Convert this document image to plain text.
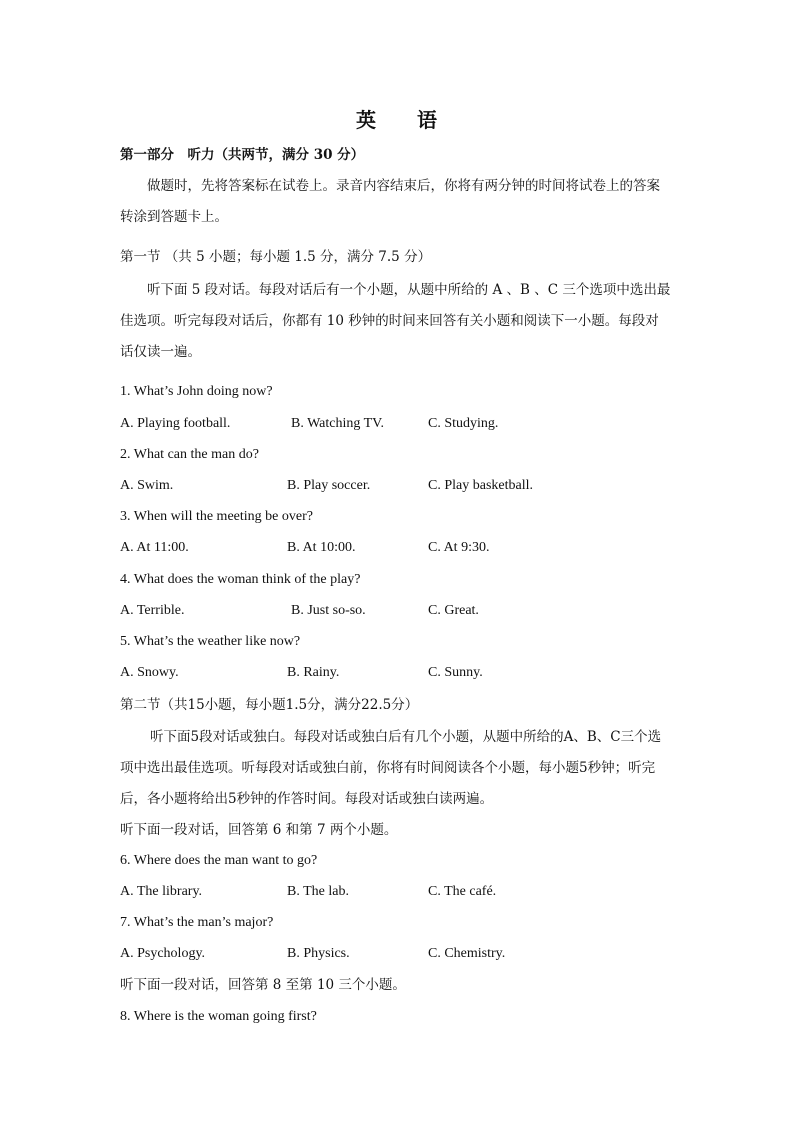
英 语
第一部分　听力（共两节，满分 30 分）
做题时，先将答案标在试卷上。录音内容结束后，你将有两分钟的时间将试卷上的答案
转涂到答题卡上。
第一节 （共 5 小题；每小题 1.5 分，满分 7.5 分）
听下面 5 段对话。每段对话后有一个小题，从题中所给的 A 、B 、C 三个选项中选出最
佳选项。听完每段对话后，你都有 10 秒钟的时间来回答有关小题和阅读下一小题。每段对
话仅读一遍。
1. What’s John doing now?
A. Playing football.	B. Watching TV.	C. Studying.
2. What can the man do?
A. Swim.	B. Play soccer.	C. Play basketball.
3. When will the meeting be over?
A. At 11:00.	B. At 10:00.	C. At 9:30.
4. What does the woman think of the play?
A. Terrible.	B. Just so-so.	C. Great.
5. What’s the weather like now?
A. Snowy.	B. Rainy.	C. Sunny.
第二节（共15小题，每小题1.5分，满分22.5分）
听下面5段对话或独白。每段对话或独白后有几个小题，从题中所给的A、B、C三个选
项中选出最佳选项。听每段对话或独白前，你将有时间阅读各个小题，每小题5秒钟；听完
后，各小题将给出5秒钟的作答时间。每段对话或独白读两遍。
听下面一段对话，回答第 6 和第 7 两个小题。
6. Where does the man want to go?
A. The library.	B. The lab.	C. The café.
7. What’s the man’s major?
A. Psychology.	B. Physics.	C. Chemistry.
听下面一段对话，回答第 8 至第 10 三个小题。
8. Where is the woman going first?
